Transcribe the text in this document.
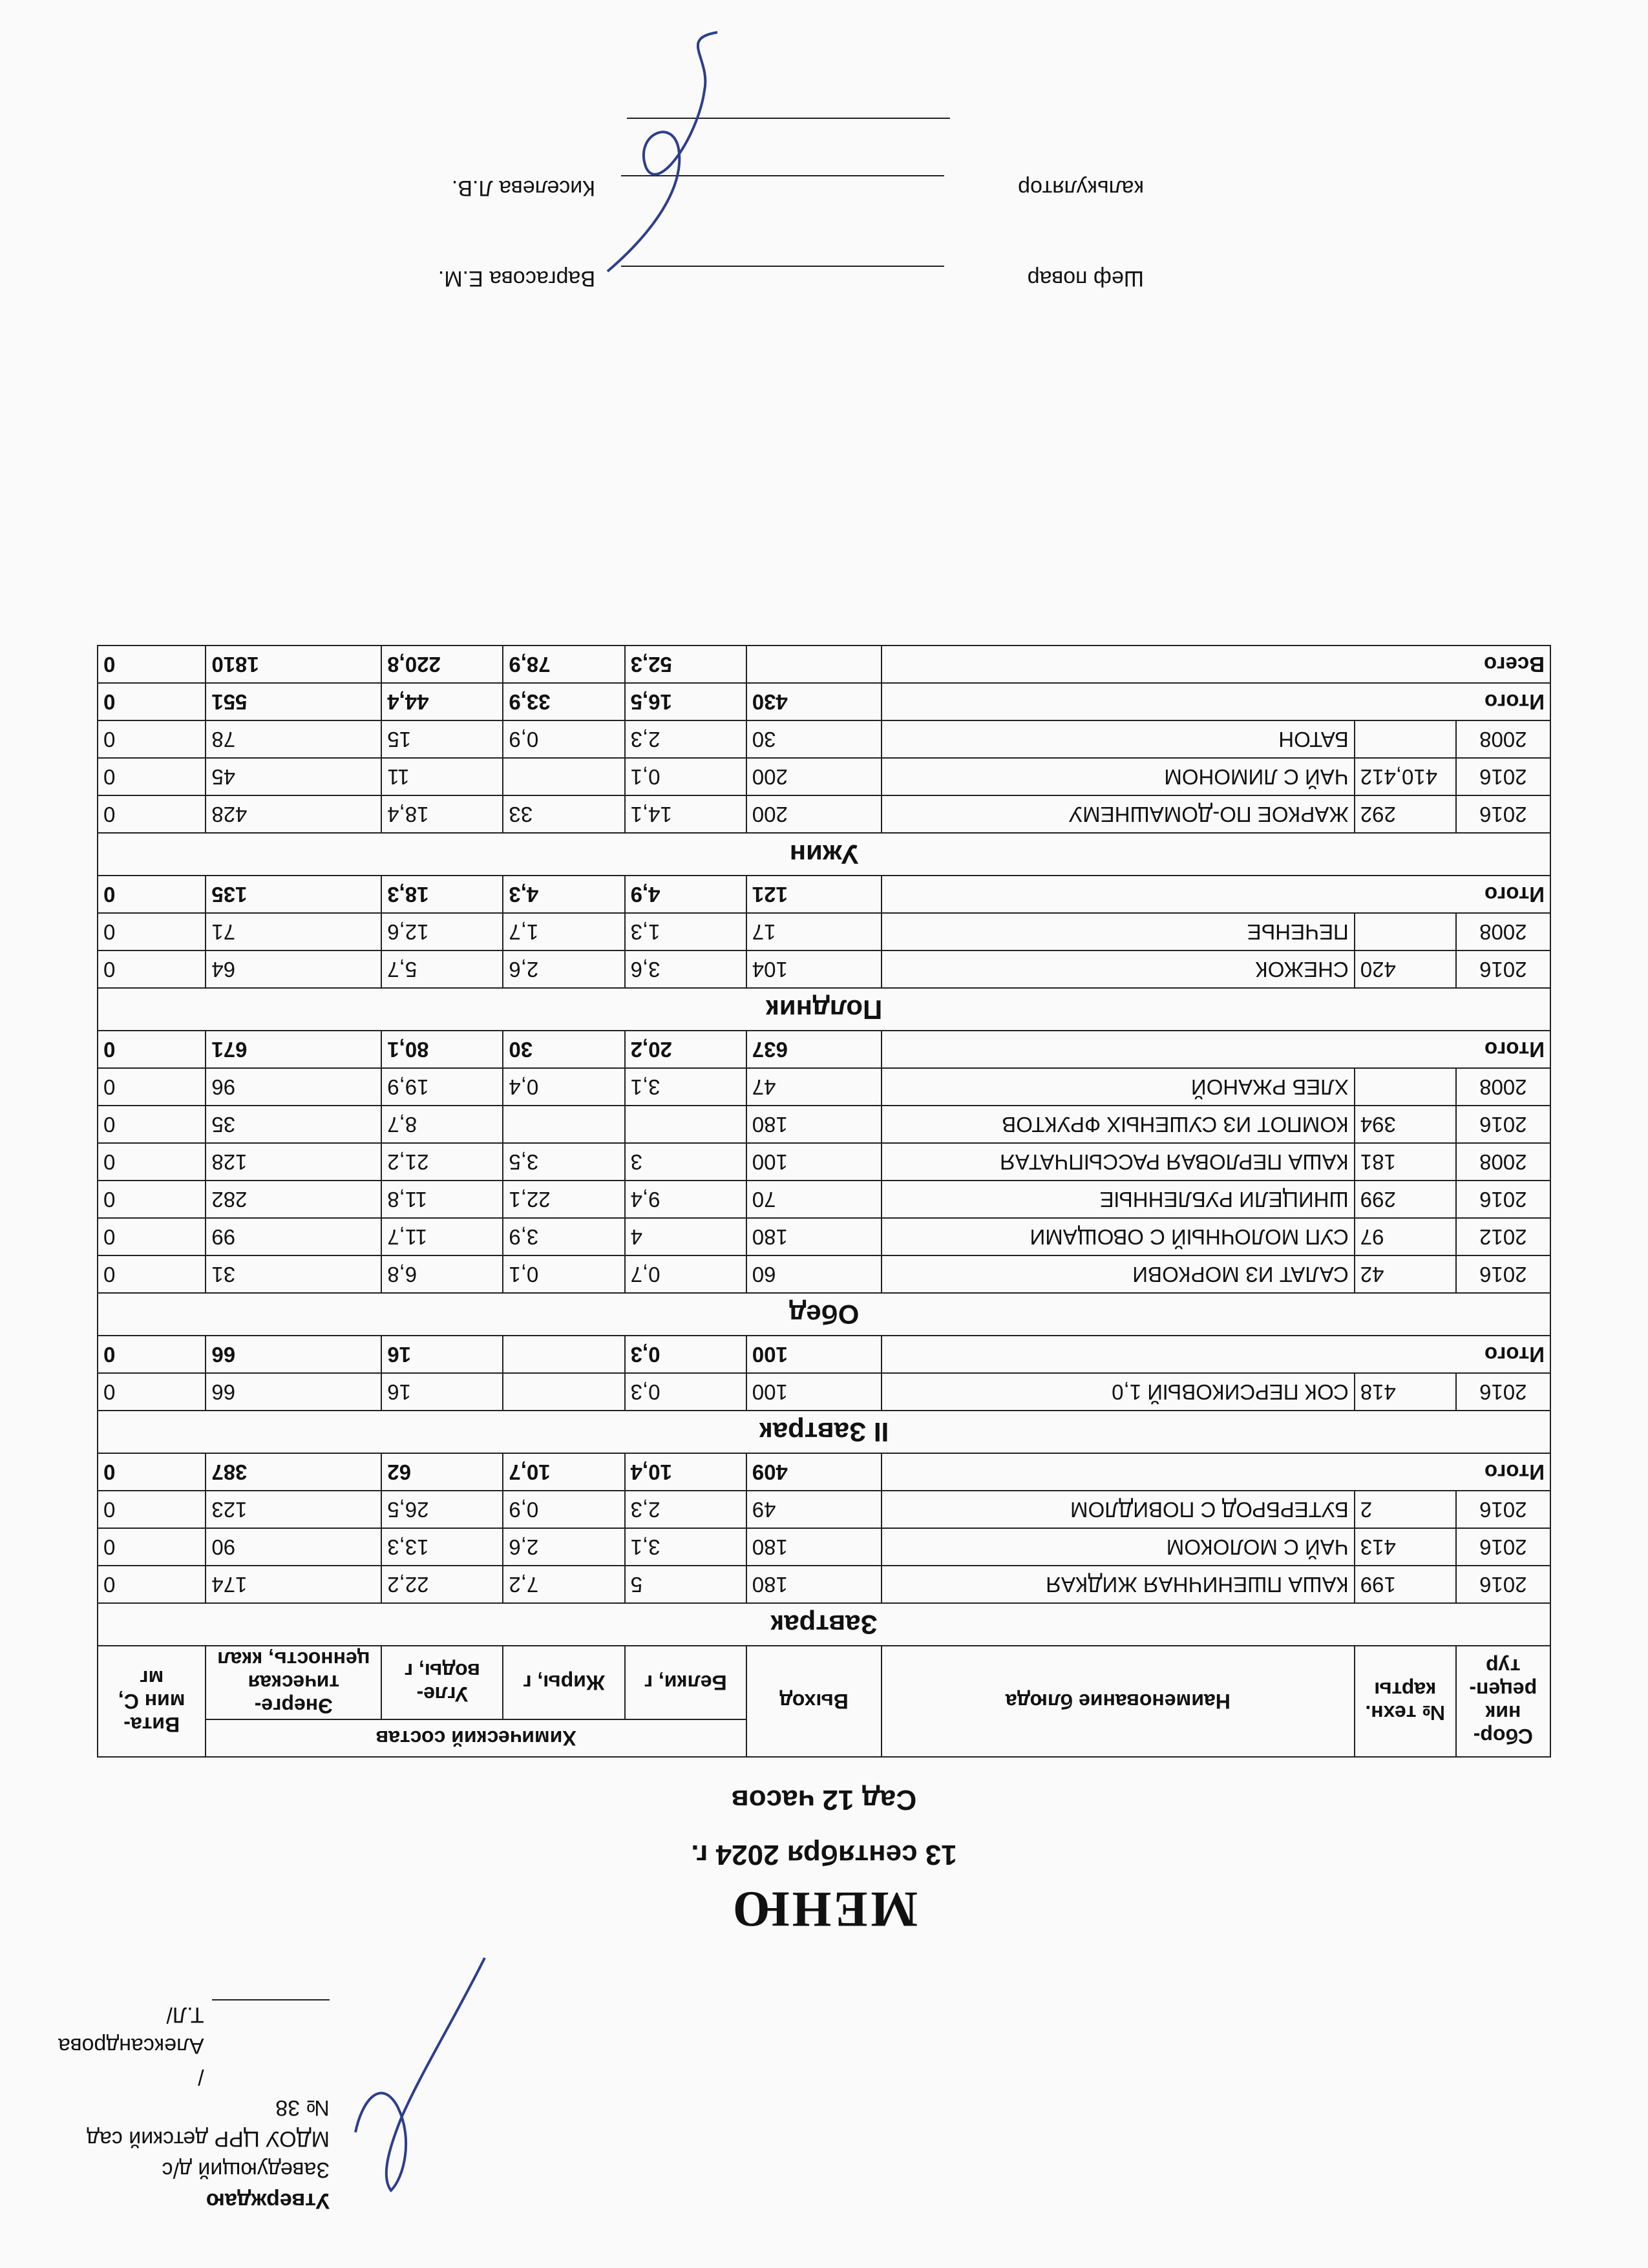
Утверждаю
Заведующий д/с
МДОУ ЦРР детский сад № 38
/Александрова Т.Л/
МЕНЮ
13 сентября 2024 г.
Сад 12 часов
Сбор-ник рецеп-тур	№ техн. карты	Наименование блюда	Выход	Химический состав				Вита-мин С, мг
				Белки, г	Жиры, г	Угле-воды, г	Энерге-тическая ценность, ккал	
Завтрак								
2016	199	КАША ПШЕНИЧНАЯ ЖИДКАЯ	180	5	7,2	22,2	174	0
2016	413	ЧАЙ С МОЛОКОМ	180	3,1	2,6	13,3	90	0
2016	2	БУТЕРБРОД С ПОВИДЛОМ	49	2,3	0,9	26,5	123	0
Итого			409	10,4	10,7	62	387	0
II Завтрак								
2016	418	СОК ПЕРСИКОВЫЙ 1,0	100	0,3		16	66	0
Итого			100	0,3		16	66	0
Обед								
2016	42	САЛАТ ИЗ МОРКОВИ	60	0,7	0,1	6,8	31	0
2012	97	СУП МОЛОЧНЫЙ С ОВОЩАМИ	180	4	3,9	11,7	99	0
2016	299	ШНИЦЕЛИ РУБЛЕННЫЕ	70	9,4	22,1	11,8	282	0
2008	181	КАША ПЕРЛОВАЯ РАССЫПЧАТАЯ	100	3	3,5	21,2	128	0
2016	394	КОМПОТ ИЗ СУШЕНЫХ ФРУКТОВ	180			8,7	35	0
2008		ХЛЕБ РЖАНОЙ	47	3,1	0,4	19,9	96	0
Итого			637	20,2	30	80,1	671	0
Полдник								
2016	420	СНЕЖОК	104	3,6	2,6	5,7	64	0
2008		ПЕЧЕНЬЕ	17	1,3	1,7	12,6	71	0
Итого			121	4,9	4,3	18,3	135	0
Ужин								
2016	292	ЖАРКОЕ ПО-ДОМАШНЕМУ	200	14,1	33	18,4	428	0
2016	410,412	ЧАЙ С ЛИМОНОМ	200	0,1		11	45	0
2008		БАТОН	30	2,3	0,9	15	78	0
Итого			430	16,5	33,9	44,4	551	0
Всего				52,3	78,9	220,8	1810	0
Шеф повар  Варгасова Е.М.
калькулятор  Киселева Л.В.
